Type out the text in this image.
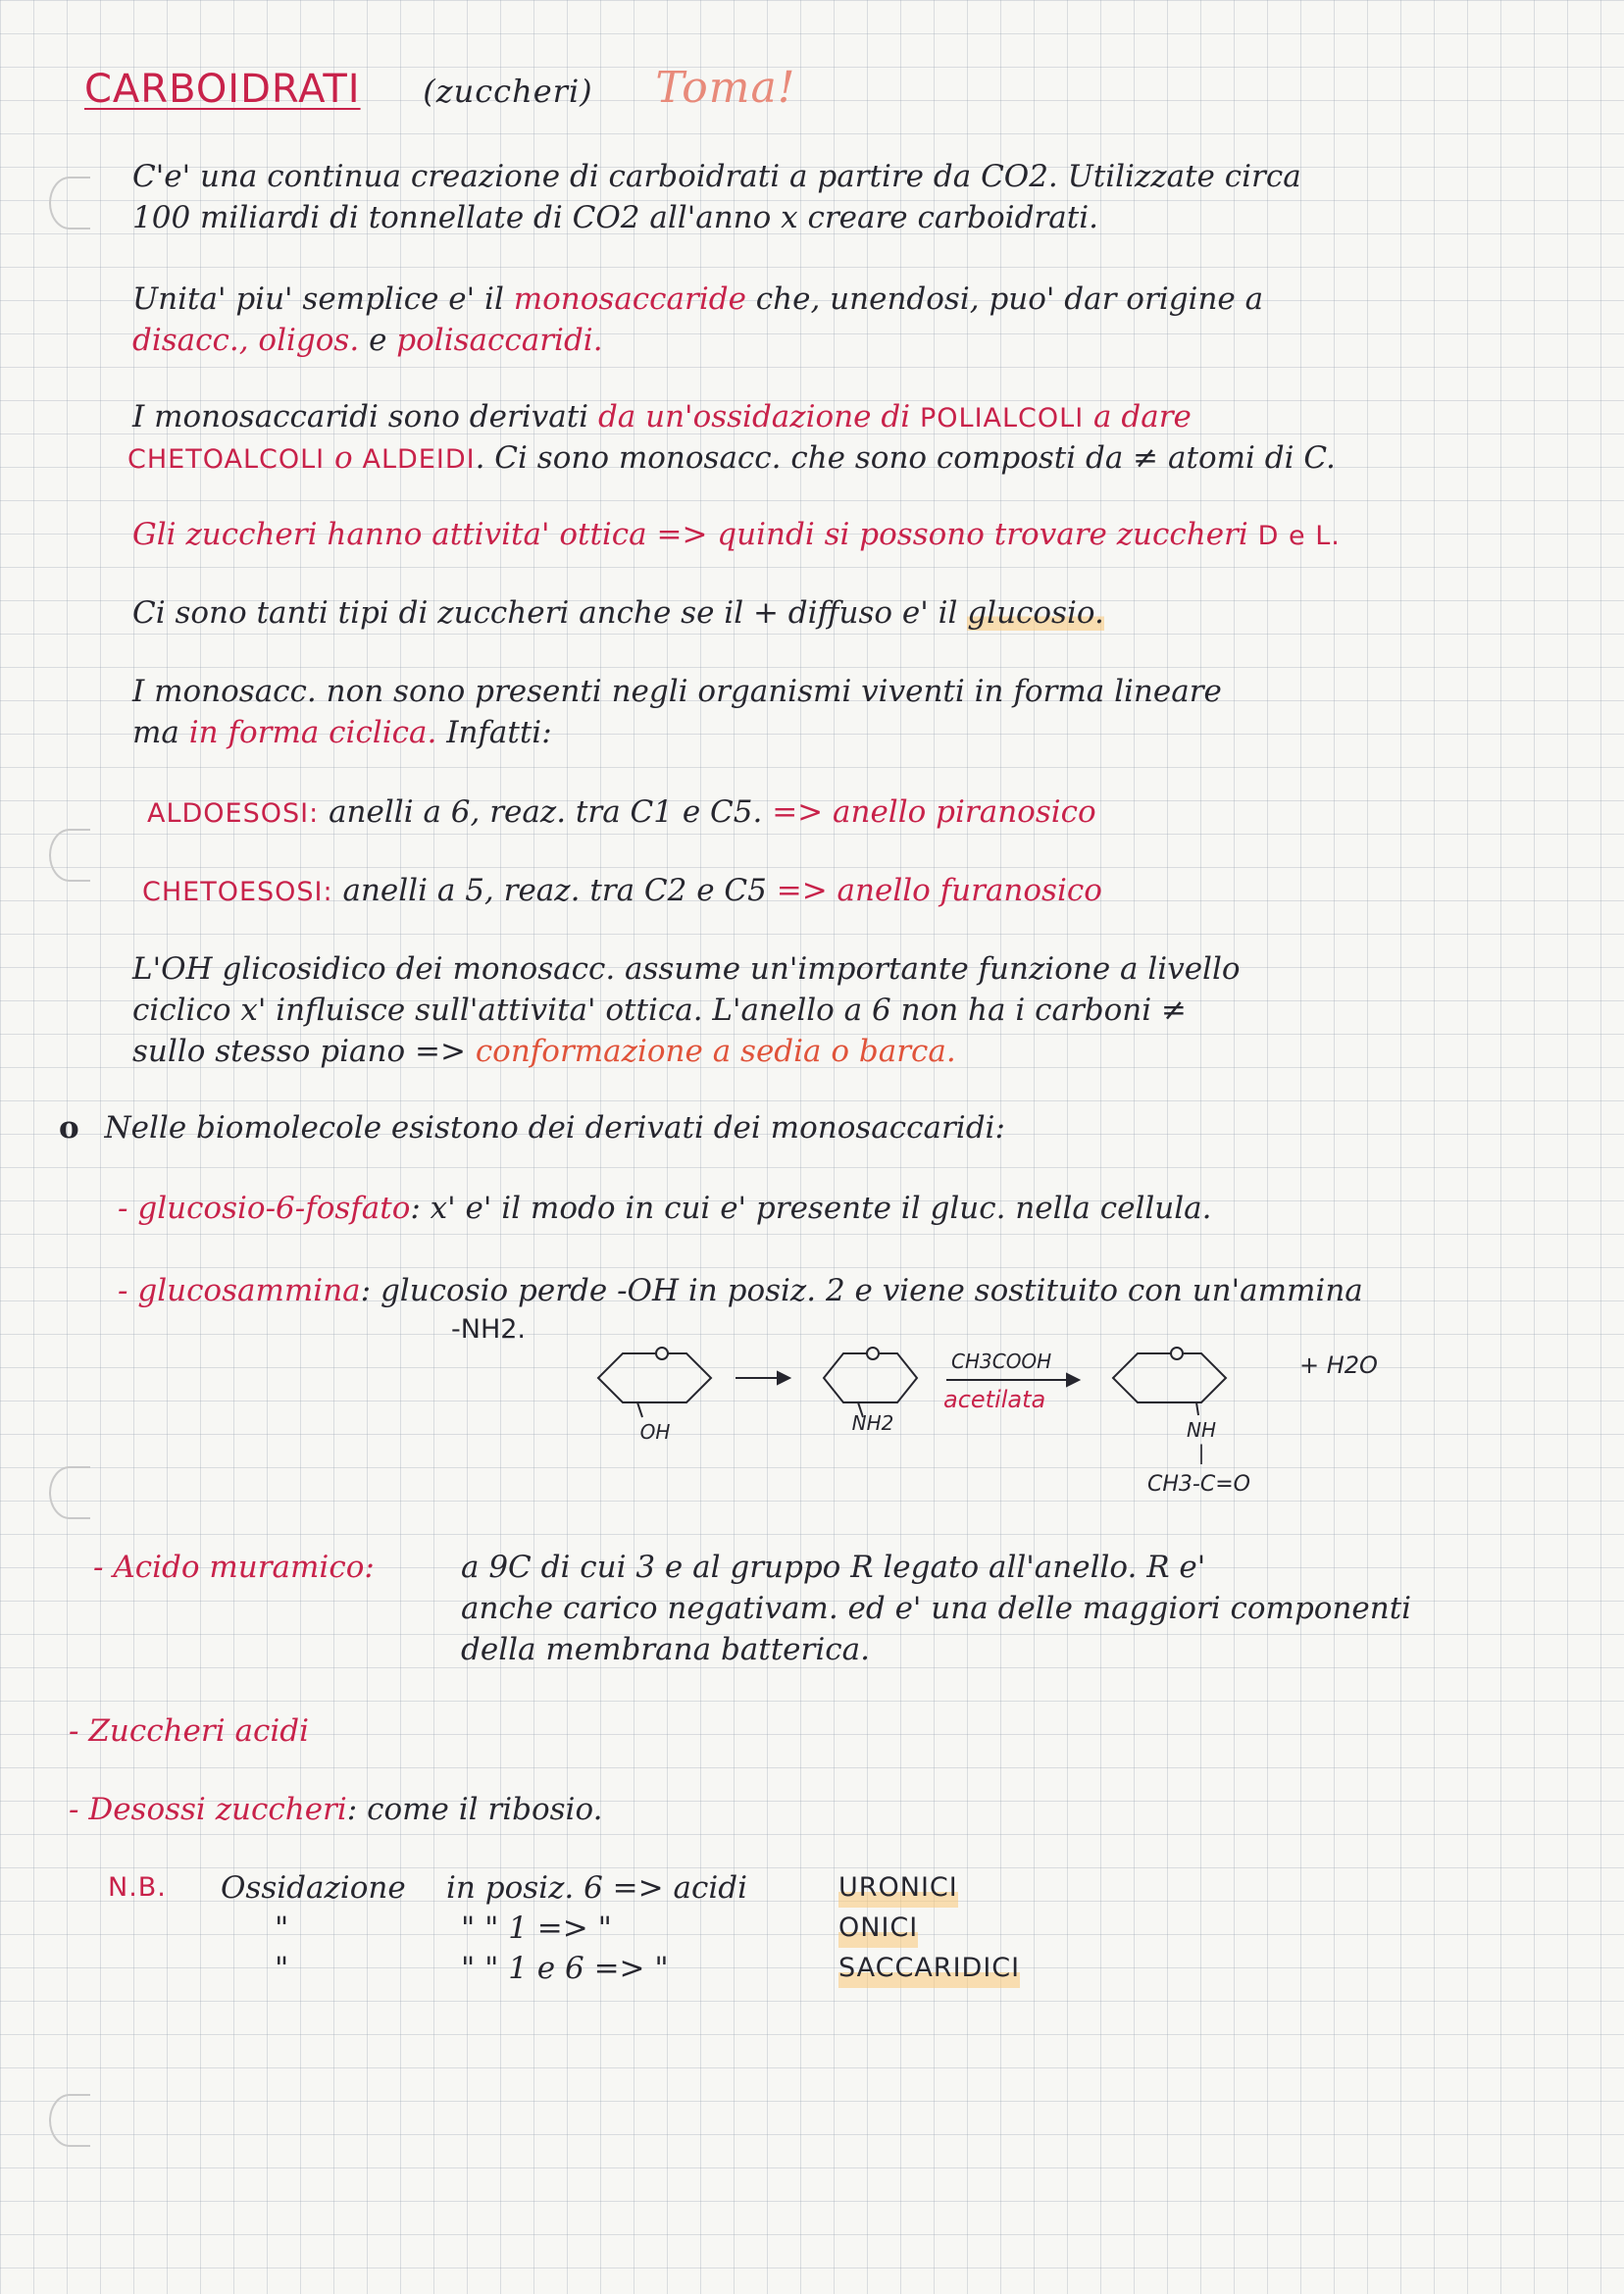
CARBOIDRATI (zuccheri) Toma!
C'e' una continua creazione di carboidrati a partire da CO2. Utilizzate circa
100 miliardi di tonnellate di CO2 all'anno x creare carboidrati.
Unita' piu' semplice e' il monosaccaride che, unendosi, puo' dar origine a
disacc., oligos. e polisaccaridi.
I monosaccaridi sono derivati da un'ossidazione di POLIALCOLI a dare
CHETOALCOLI o ALDEIDI. Ci sono monosacc. che sono composti da ≠ atomi di C.
Gli zuccheri hanno attivita' ottica => quindi si possono trovare zuccheri D e L.
Ci sono tanti tipi di zuccheri anche se il + diffuso e' il glucosio.
I monosacc. non sono presenti negli organismi viventi in forma lineare
ma in forma ciclica. Infatti:
ALDOESOSI: anelli a 6, reaz. tra C1 e C5. => anello piranosico
CHETOESOSI: anelli a 5, reaz. tra C2 e C5 => anello furanosico
L'OH glicosidico dei monosacc. assume un'importante funzione a livello
ciclico x' influisce sull'attivita' ottica. L'anello a 6 non ha i carboni ≠
sullo stesso piano => conformazione a sedia o barca.
o Nelle biomolecole esistono dei derivati dei monosaccaridi:
- glucosio-6-fosfato: x' e' il modo in cui e' presente il gluc. nella cellula.
- glucosammina: glucosio perde -OH in posiz. 2 e viene sostituito con un'ammina
-NH2.
OH	NH2
CH3COOH
acetilata
NH
|
CH3-C=O
+ H2O
- Acido muramico:	a 9C di cui 3 e al gruppo R legato all'anello. R e'
anche carico negativam. ed e' una delle maggiori componenti
della membrana batterica.
- Zuccheri acidi
- Desossi zuccheri: come il ribosio.
N.B. Ossidazione in posiz. 6 => acidi	URONICI
"	" " 1 => "	ONICI
"	" " 1 e 6 => "	SACCARIDICI
